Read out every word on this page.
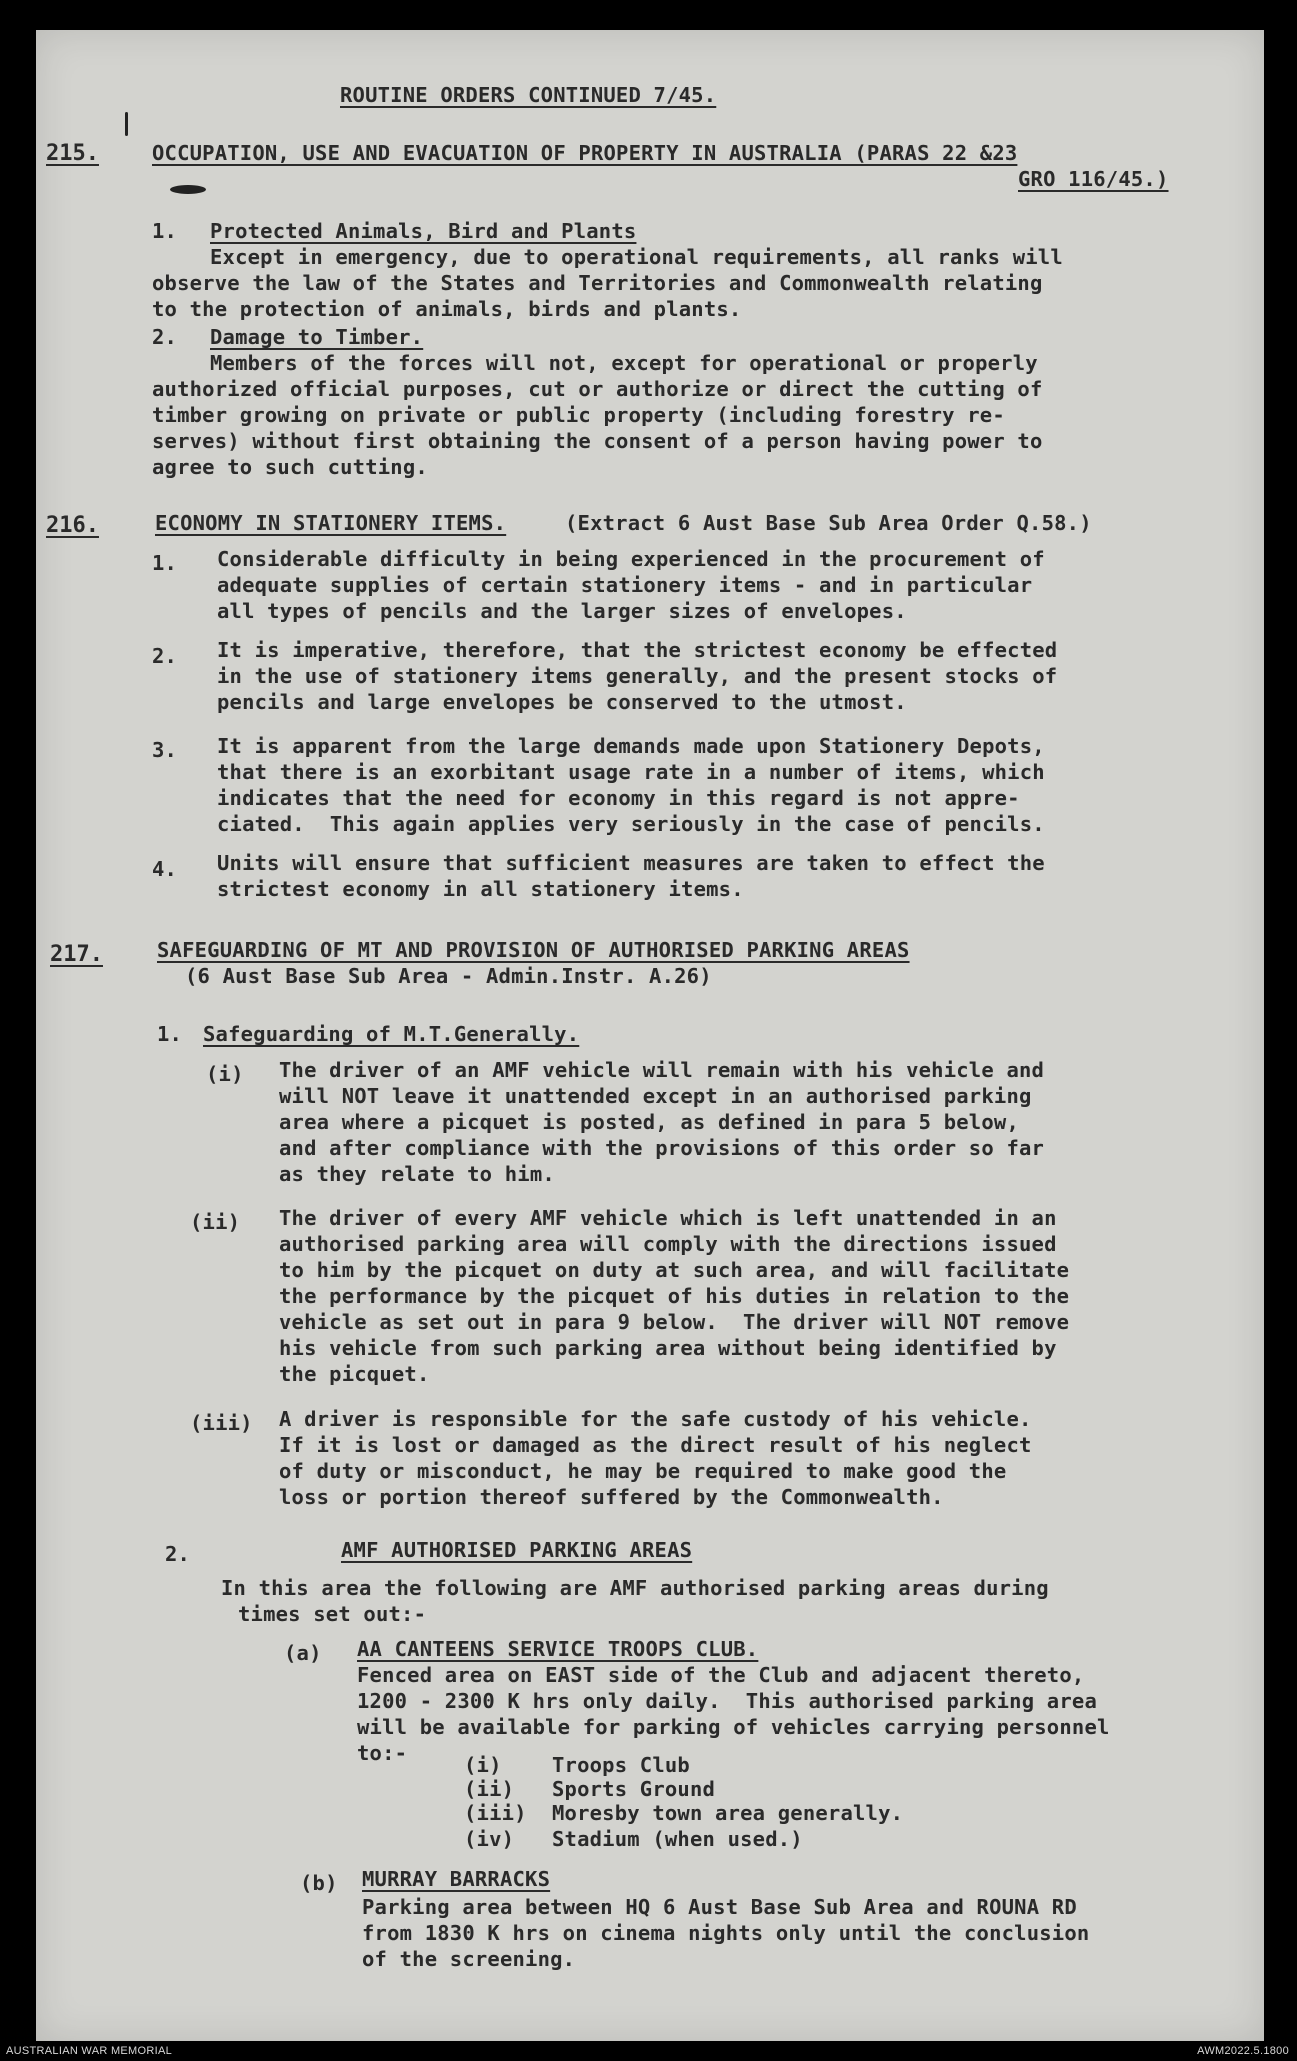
ROUTINE ORDERS CONTINUED 7/45.
215.	OCCUPATION, USE AND EVACUATION OF PROPERTY IN AUSTRALIA (PARAS 22 &23
GRO 116/45.)
1. Protected Animals, Bird and Plants
Except in emergency, due to operational requirements, all ranks will
observe the law of the States and Territories and Commonwealth relating
to the protection of animals, birds and plants.
2. Damage to Timber.
Members of the forces will not, except for operational or properly
authorized official purposes, cut or authorize or direct the cutting of
timber growing on private or public property (including forestry re-
serves) without first obtaining the consent of a person having power to
agree to such cutting.
216.	ECONOMY IN STATIONERY ITEMS.	(Extract 6 Aust Base Sub Area Order Q.58.)
1. Considerable difficulty in being experienced in the procurement of
adequate supplies of certain stationery items - and in particular
all types of pencils and the larger sizes of envelopes.
2. It is imperative, therefore, that the strictest economy be effected
in the use of stationery items generally, and the present stocks of
pencils and large envelopes be conserved to the utmost.
3. It is apparent from the large demands made upon Stationery Depots,
that there is an exorbitant usage rate in a number of items, which
indicates that the need for economy in this regard is not appre-
ciated.  This again applies very seriously in the case of pencils.
4. Units will ensure that sufficient measures are taken to effect the
strictest economy in all stationery items.
217.	SAFEGUARDING OF MT AND PROVISION OF AUTHORISED PARKING AREAS
(6 Aust Base Sub Area - Admin.Instr. A.26)
1. Safeguarding of M.T.Generally.
(i) The driver of an AMF vehicle will remain with his vehicle and
will NOT leave it unattended except in an authorised parking
area where a picquet is posted, as defined in para 5 below,
and after compliance with the provisions of this order so far
as they relate to him.
(ii) The driver of every AMF vehicle which is left unattended in an
authorised parking area will comply with the directions issued
to him by the picquet on duty at such area, and will facilitate
the performance by the picquet of his duties in relation to the
vehicle as set out in para 9 below.  The driver will NOT remove
his vehicle from such parking area without being identified by
the picquet.
(iii) A driver is responsible for the safe custody of his vehicle.
If it is lost or damaged as the direct result of his neglect
of duty or misconduct, he may be required to make good the
loss or portion thereof suffered by the Commonwealth.
2.	AMF AUTHORISED PARKING AREAS
In this area the following are AMF authorised parking areas during
times set out:-
(a) AA CANTEENS SERVICE TROOPS CLUB.
Fenced area on EAST side of the Club and adjacent thereto,
1200 - 2300 K hrs only daily.  This authorised parking area
will be available for parking of vehicles carrying personnel
to:-	(i) Troops Club
(ii) Sports Ground
(iii) Moresby town area generally.
(iv) Stadium (when used.)
(b) MURRAY BARRACKS
Parking area between HQ 6 Aust Base Sub Area and ROUNA RD
from 1830 K hrs on cinema nights only until the conclusion
of the screening.
AUSTRALIAN WAR MEMORIAL	AWM2022.5.1800
